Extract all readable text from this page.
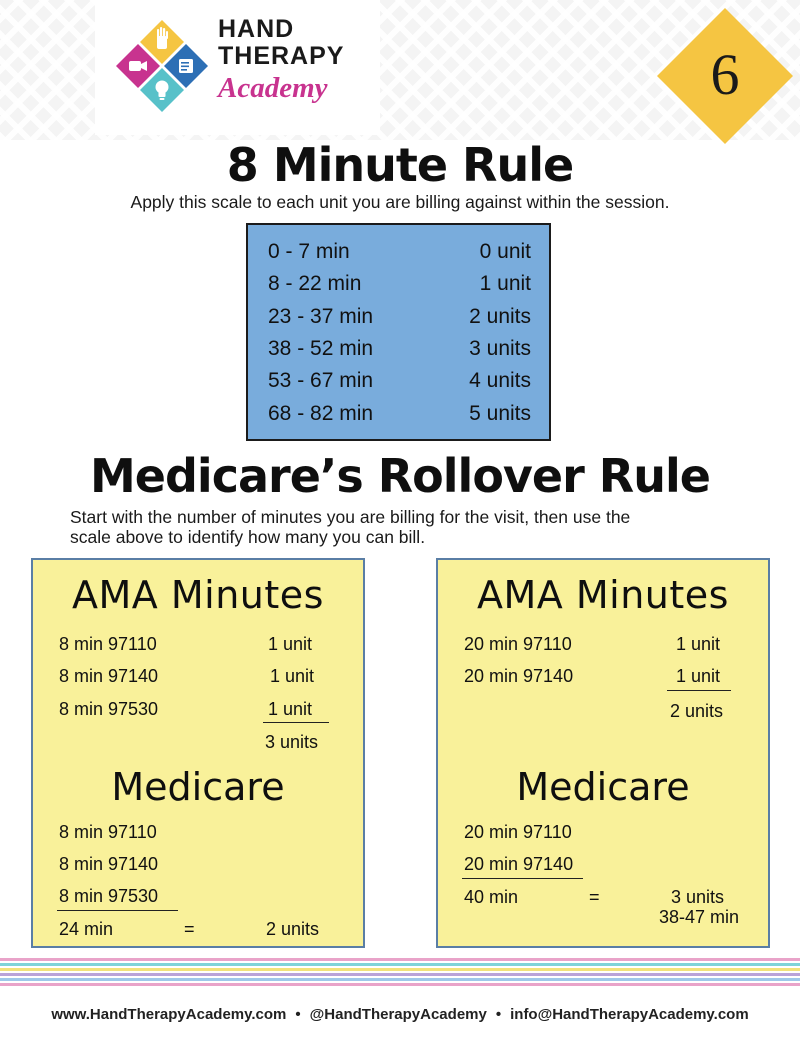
HAND
THERAPY
Academy	6
8 Minute Rule
Apply this scale to each unit you are billing against within the session.
0 - 7 min	0 unit
8 - 22 min	1 unit
23 - 37 min	2 units
38 - 52 min	3 units
53 - 67 min	4 units
68 - 82 min	5 units
Medicare’s Rollover Rule
Start with the number of minutes you are billing for the visit, then use the
scale above to identify how many you can bill.
AMA Minutes
8 min 97110	1 unit
8 min 97140	1 unit
8 min 97530	1 unit
3 units
Medicare
8 min 97110
8 min 97140
8 min 97530
24 min	=	2 units
AMA Minutes
20 min 97110	1 unit
20 min 97140	1 unit
2 units
Medicare
20 min 97110
20 min 97140
40 min	=	3 units
38-47 min
www.HandTherapyAcademy.com • @HandTherapyAcademy • info@HandTherapyAcademy.com
